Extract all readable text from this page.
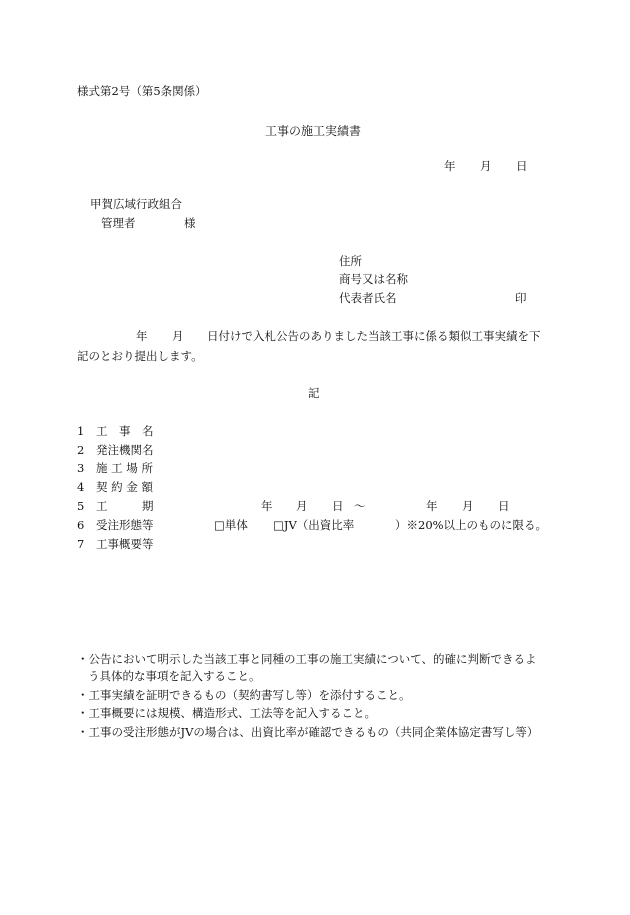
様式第2号（第5条関係）
工事の施工実績書
年 月 日
甲賀広域行政組合
管理者	様
住所
商号又は名称
代表者氏名	印
年 月 日付けで入札公告のありました当該工事に係る類似工事実績を下
記のとおり提出します。
記
1 工　事　名
2 発注機関名
3 施 工 場 所
4 契 約 金 額
5 工	期	年 月 日 ～	年 月 日
6 受注形態等	□単体 □JV（出資比率	）※20%以上のものに限る。
7 工事概要等
・公告において明示した当該工事と同種の工事の施工実績について、的確に判断できるよ
う具体的な事項を記入すること。
・工事実績を証明できるもの（契約書写し等）を添付すること。
・工事概要には規模、構造形式、工法等を記入すること。
・工事の受注形態がJVの場合は、出資比率が確認できるもの（共同企業体協定書写し等）
